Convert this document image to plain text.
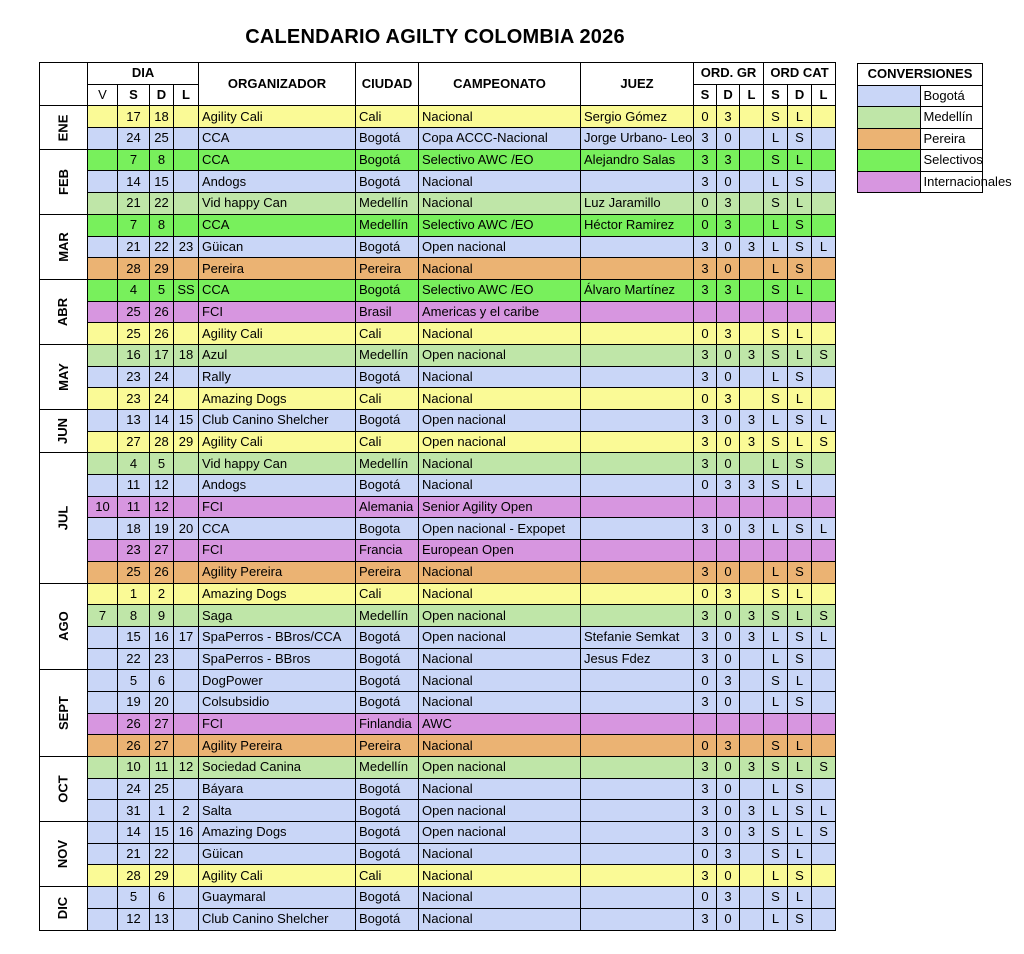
CALENDARIO AGILTY COLOMBIA 2026
	DIA				ORGANIZADOR	CIUDAD	CAMPEONATO	JUEZ	ORD. GR			ORD CAT		
	V	S	D	L					S	D	L	S	D	L
ENE		17	18		Agility Cali	Cali	Nacional	Sergio Gómez	0	3		S	L	
		24	25		CCA	Bogotá	Copa ACCC-Nacional	Jorge Urbano- Leo	3	0		L	S	
FEB		7	8		CCA	Bogotá	Selectivo AWC /EO	Alejandro Salas	3	3		S	L	
		14	15		Andogs	Bogotá	Nacional		3	0		L	S	
		21	22		Vid happy Can	Medellín	Nacional	Luz Jaramillo	0	3		S	L	
MAR		7	8		CCA	Medellín	Selectivo AWC /EO	Héctor Ramirez	0	3		L	S	
		21	22	23	Güican	Bogotá	Open nacional		3	0	3	L	S	L
		28	29		Pereira	Pereira	Nacional		3	0		L	S	
ABR		4	5	SS	CCA	Bogotá	Selectivo AWC /EO	Álvaro Martínez	3	3		S	L	
		25	26		FCI	Brasil	Americas y el caribe							
		25	26		Agility Cali	Cali	Nacional		0	3		S	L	
MAY		16	17	18	Azul	Medellín	Open nacional		3	0	3	S	L	S
		23	24		Rally	Bogotá	Nacional		3	0		L	S	
		23	24		Amazing Dogs	Cali	Nacional		0	3		S	L	
JUN		13	14	15	Club Canino Shelcher	Bogotá	Open nacional		3	0	3	L	S	L
		27	28	29	Agility Cali	Cali	Open nacional		3	0	3	S	L	S
JUL		4	5		Vid happy Can	Medellín	Nacional		3	0		L	S	
		11	12		Andogs	Bogotá	Nacional		0	3	3	S	L	
	10	11	12		FCI	Alemania	Senior Agility Open							
		18	19	20	CCA	Bogota	Open nacional - Expopet		3	0	3	L	S	L
		23	27		FCI	Francia	European Open							
		25	26		Agility Pereira	Pereira	Nacional		3	0		L	S	
AGO		1	2		Amazing Dogs	Cali	Nacional		0	3		S	L	
	7	8	9		Saga	Medellín	Open nacional		3	0	3	S	L	S
		15	16	17	SpaPerros - BBros/CCA	Bogotá	Open nacional	Stefanie Semkat	3	0	3	L	S	L
		22	23		SpaPerros - BBros	Bogotá	Nacional	Jesus Fdez	3	0		L	S	
SEPT		5	6		DogPower	Bogotá	Nacional		0	3		S	L	
		19	20		Colsubsidio	Bogotá	Nacional		3	0		L	S	
		26	27		FCI	Finlandia	AWC							
		26	27		Agility Pereira	Pereira	Nacional		0	3		S	L	
OCT		10	11	12	Sociedad Canina	Medellín	Open nacional		3	0	3	S	L	S
		24	25		Báyara	Bogotá	Nacional		3	0		L	S	
		31	1	2	Salta	Bogotá	Open nacional		3	0	3	L	S	L
NOV		14	15	16	Amazing Dogs	Bogotá	Open nacional		3	0	3	S	L	S
		21	22		Güican	Bogotá	Nacional		0	3		S	L	
		28	29		Agility Cali	Cali	Nacional		3	0		L	S	
DIC		5	6		Guaymaral	Bogotá	Nacional		0	3		S	L	
		12	13		Club Canino Shelcher	Bogotá	Nacional		3	0		L	S	
CONVERSIONES	
	Bogotá
	Medellín
	Pereira
	Selectivos
	Internacionales
